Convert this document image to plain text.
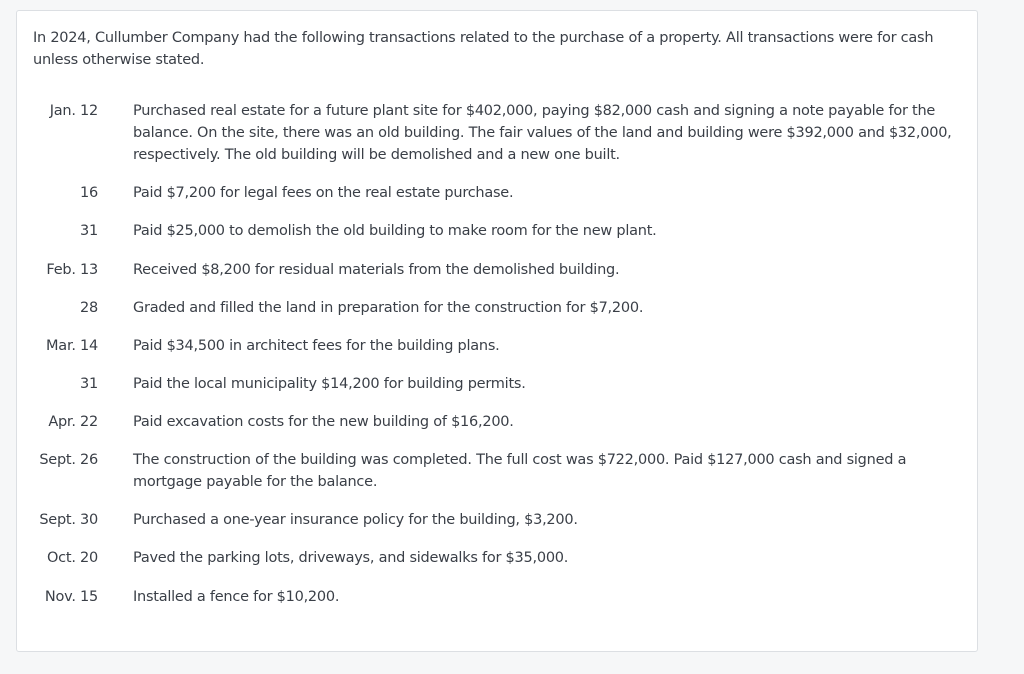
In 2024, Cullumber Company had the following transactions related to the purchase of a property. All transactions were for cash unless otherwise stated.

Jan. 12 Purchased real estate for a future plant site for $402,000, paying $82,000 cash and signing a note payable for the balance. On the site, there was an old building. The fair values of the land and building were $392,000 and $32,000, respectively. The old building will be demolished and a new one built.
16 Paid $7,200 for legal fees on the real estate purchase.
31 Paid $25,000 to demolish the old building to make room for the new plant.
Feb. 13 Received $8,200 for residual materials from the demolished building.
28 Graded and filled the land in preparation for the construction for $7,200.
Mar. 14 Paid $34,500 in architect fees for the building plans.
31 Paid the local municipality $14,200 for building permits.
Apr. 22 Paid excavation costs for the new building of $16,200.
Sept. 26 The construction of the building was completed. The full cost was $722,000. Paid $127,000 cash and signed a mortgage payable for the balance.
Sept. 30 Purchased a one-year insurance policy for the building, $3,200.
Oct. 20 Paved the parking lots, driveways, and sidewalks for $35,000.
Nov. 15 Installed a fence for $10,200.
